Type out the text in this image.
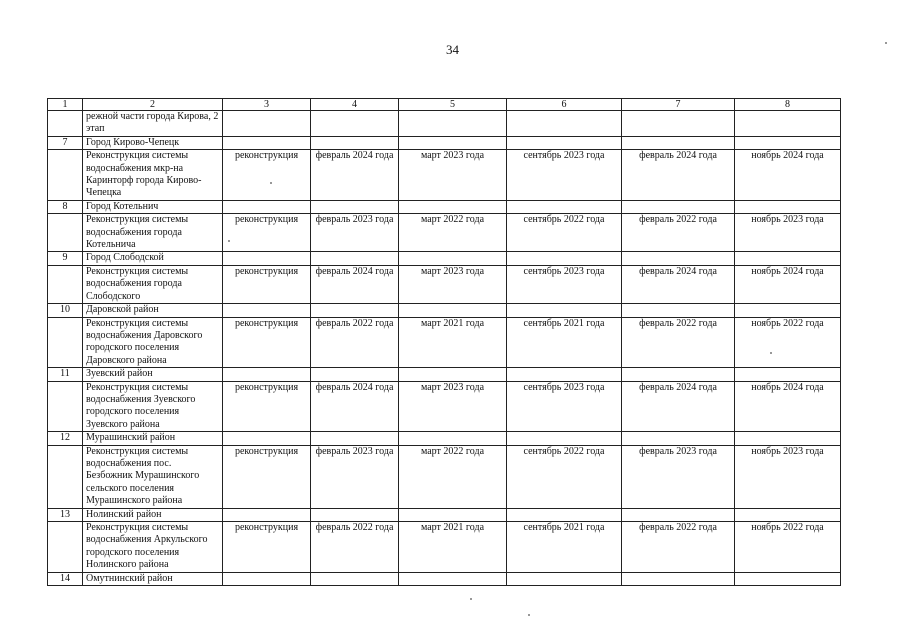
34
1	2	3	4	5	6	7	8
	режной части города Кирова, 2 этап						
7	Город Кирово-Чепецк						
	Реконструкция системы водоснабжения мкр-на Каринторф города Кирово-Чепецка	реконструкция	февраль 2024 года	март 2023 года	сентябрь 2023 года	февраль 2024 года	ноябрь 2024 года
8	Город Котельнич						
	Реконструкция системы водоснабжения города Котельнича	реконструкция	февраль 2023 года	март 2022 года	сентябрь 2022 года	февраль 2022 года	ноябрь 2023 года
9	Город Слободской						
	Реконструкция системы водоснабжения города Слободского	реконструкция	февраль 2024 года	март 2023 года	сентябрь 2023 года	февраль 2024 года	ноябрь 2024 года
10	Даровской район						
	Реконструкция системы водоснабжения Даровского городского поселения Даровского района	реконструкция	февраль 2022 года	март 2021 года	сентябрь 2021 года	февраль 2022 года	ноябрь 2022 года
11	Зуевский район						
	Реконструкция системы водоснабжения Зуевского городского поселения Зуевского района	реконструкция	февраль 2024 года	март 2023 года	сентябрь 2023 года	февраль 2024 года	ноябрь 2024 года
12	Мурашинский район						
	Реконструкция системы водоснабжения пос. Безбожник Мурашинского сельского поселения Мурашинского района	реконструкция	февраль 2023 года	март 2022 года	сентябрь 2022 года	февраль 2023 года	ноябрь 2023 года
13	Нолинский район						
	Реконструкция системы водоснабжения Аркульского городского поселения Нолинского района	реконструкция	февраль 2022 года	март 2021 года	сентябрь 2021 года	февраль 2022 года	ноябрь 2022 года
14	Омутнинский район						
